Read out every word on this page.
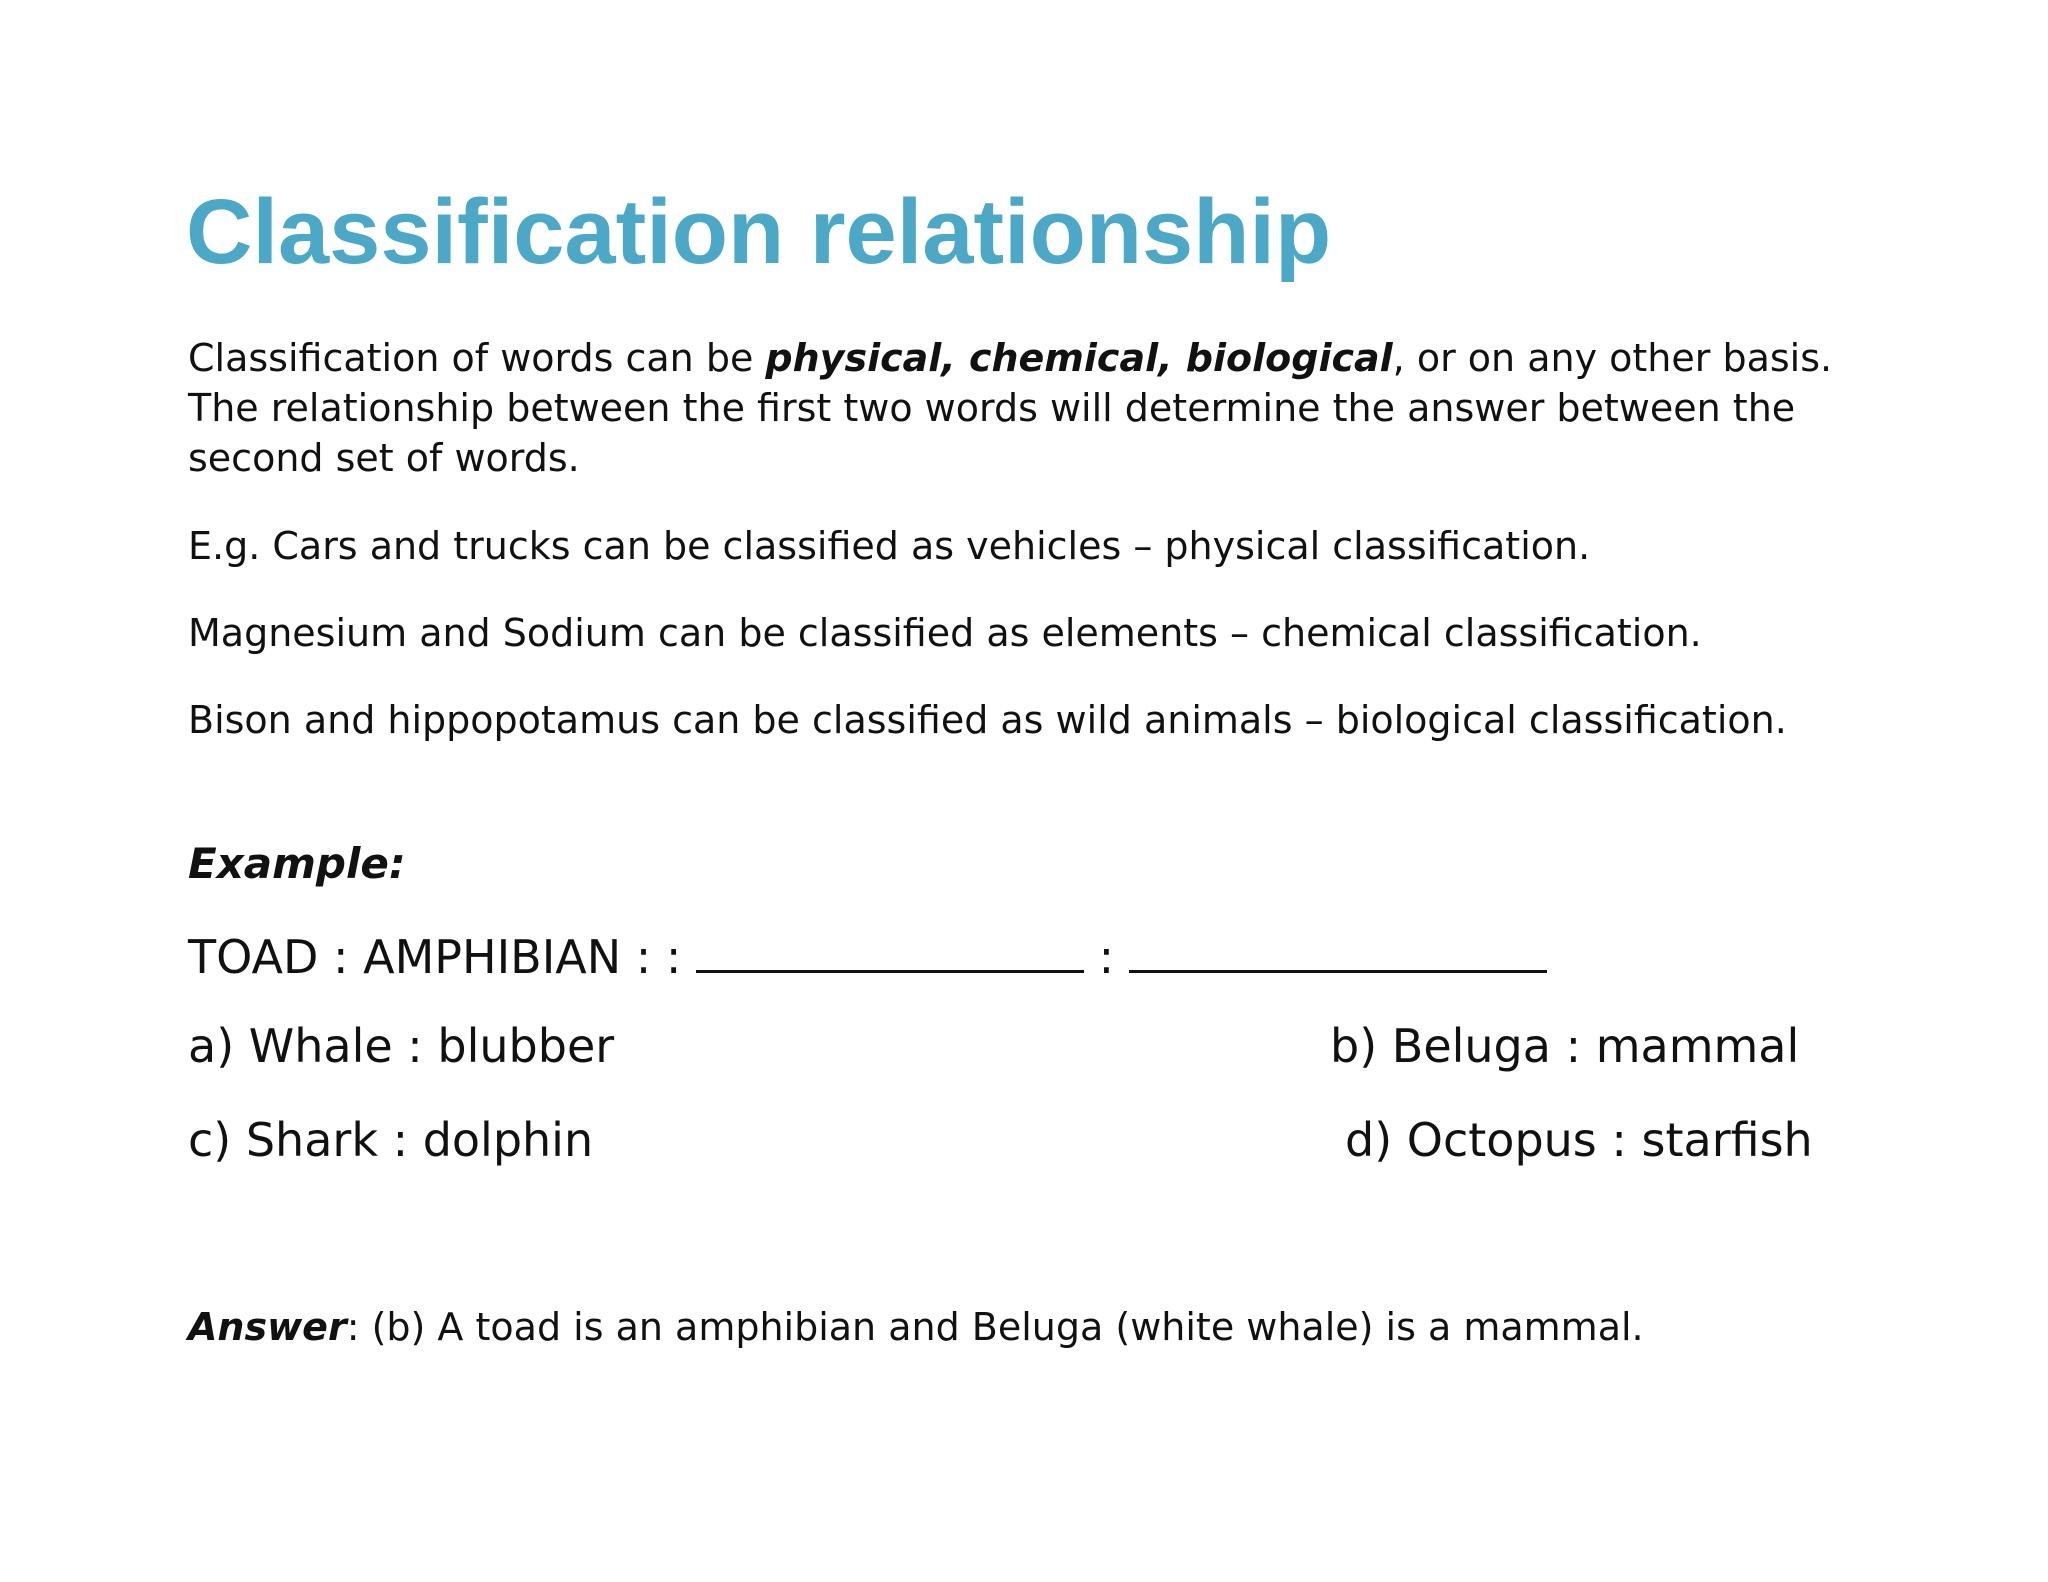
Classification relationship

Classification of words can be physical, chemical, biological, or on any other basis. The relationship between the first two words will determine the answer between the second set of words.

E.g. Cars and trucks can be classified as vehicles – physical classification.

Magnesium and Sodium can be classified as elements – chemical classification.

Bison and hippopotamus can be classified as wild animals – biological classification.

Example:

TOAD : AMPHIBIAN : :	:
a) Whale : blubber	b) Beluga : mammal
c) Shark : dolphin	d) Octopus : starfish

Answer: (b) A toad is an amphibian and Beluga (white whale) is a mammal.
